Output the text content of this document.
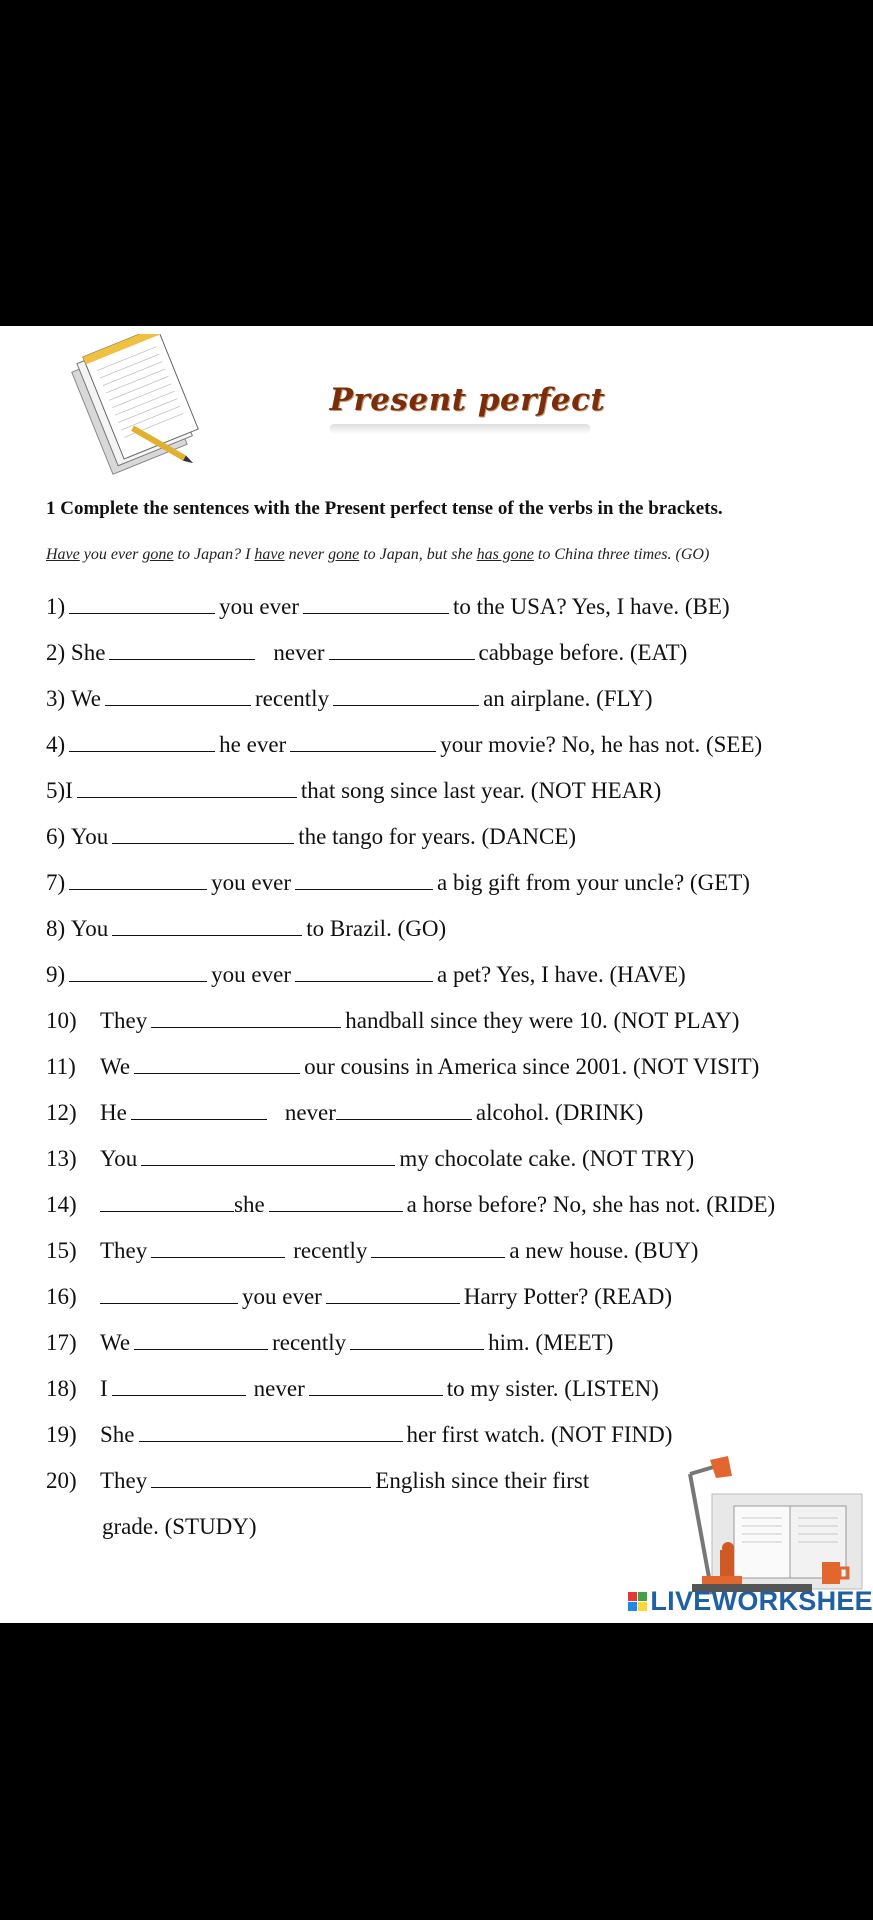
Present perfect
1 Complete the sentences with the Present perfect tense of the verbs in the brackets.
Have you ever gone to Japan? I have never gone to Japan, but she has gone to China three times. (GO)
1)	you ever	to the USA? Yes, I have. (BE)
2)
She	never	cabbage before. (EAT)
3)
We	recently	an airplane. (FLY)
4)	he ever	your movie? No, he has not. (SEE)
5) I	that song since last year. (NOT HEAR)
6)
You	the tango for years. (DANCE)
7)	you ever	a big gift from your uncle? (GET)
8)
You	to Brazil. (GO)
9)	you ever	a pet? Yes, I have. (HAVE)
10)	They	handball since they were 10. (NOT PLAY)
11)	We	our cousins in America since 2001. (NOT VISIT)
12)	He	never	alcohol. (DRINK)
13)	You	my chocolate cake. (NOT TRY)
14)	she	a horse before? No, she has not. (RIDE)
15)	They	recently	a new house. (BUY)
16)	you ever	Harry Potter? (READ)
17)	We	recently	him. (MEET)
18)	I	never	to my sister. (LISTEN)
19)	She	her first watch. (NOT FIND)
20)	They	English since their first
grade. (STUDY)
LIVEWORKSHEE
